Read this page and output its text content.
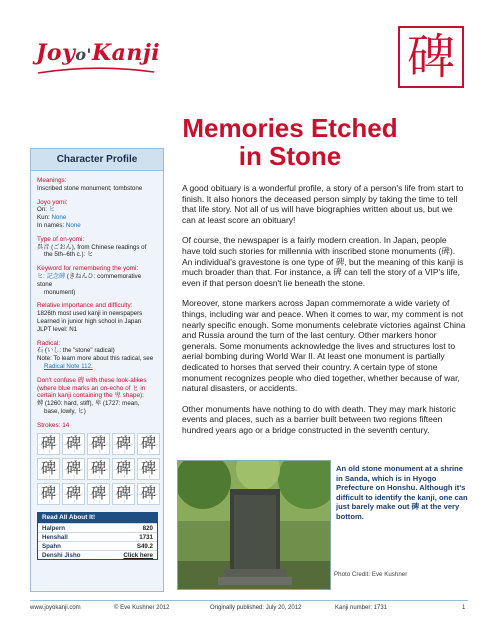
Joyo'Kanji	碑
Memories Etched in Stone
Character Profile
Meanings:
Inscribed stone monument; tombstone
Joyo yomi:
On: ヒ
Kun: None
In names: None
Type of on-yomi:
呉音 (ごおん), from Chinese readings of
the 5th–6th c.): ヒ
Keyword for remembering the yomi:
ヒ: 記念碑 (きねんひ: commemorative stone
monument)
Relative importance and difficulty:
1826th most used kanji in newspapers
Learned in junior high school in Japan
JLPT level: N1
Radical:
石 (いし: the "stone" radical)
Note: To learn more about this radical, see
Radical Note 112.
Don't confuse 碑 with these look-alikes
(where blue marks an on-echo of ヒ in
certain kanji containing the 卑 shape):
婢 (1260: hard, stiff), 卑 (1727: mean,
base, lowly, ヒ)
Strokes: 14
碑 碑 碑 碑 碑
碑 碑 碑 碑 碑
碑 碑 碑 碑 碑
Read All About It!
Halpern	820
Henshall	1731
Spahn	S49.2
Denshi Jisho	Click here

A good obituary is a wonderful profile, a story of a person's life from start to finish. It also honors the deceased person simply by taking the time to tell that life story. Not all of us will have biographies written about us, but we can at least score an obituary!

Of course, the newspaper is a fairly modern creation. In Japan, people have told such stories for millennia with inscribed stone monuments (碑). An individual's gravestone is one type of 碑, but the meaning of this kanji is much broader than that. For instance, a 碑 can tell the story of a VIP's life, even if that person doesn't lie beneath the stone.

Moreover, stone markers across Japan commemorate a wide variety of things, including war and peace. When it comes to war, my comment is not nearly specific enough. Some monuments celebrate victories against China and Russia around the turn of the last century. Other markers honor generals. Some monuments acknowledge the lives and structures lost to aerial bombing during World War II. At least one monument is partially dedicated to horses that served their country. A certain type of stone monument recognizes people who died together, whether because of war, natural disasters, or accidents.

Other monuments have nothing to do with death. They may mark historic events and places, such as a barrier built between two regions fifteen hundred years ago or a bridge constructed in the seventh century.

An old stone monument at a shrine in Sanda, which is in Hyogo Prefecture on Honshu. Although it's difficult to identify the kanji, one can just barely make out 碑 at the very bottom.
Photo Credit: Eve Kushner
www.joyokanji.com	© Eve Kushner 2012	Originally published: July 20, 2012	Kanji number: 1731	1
